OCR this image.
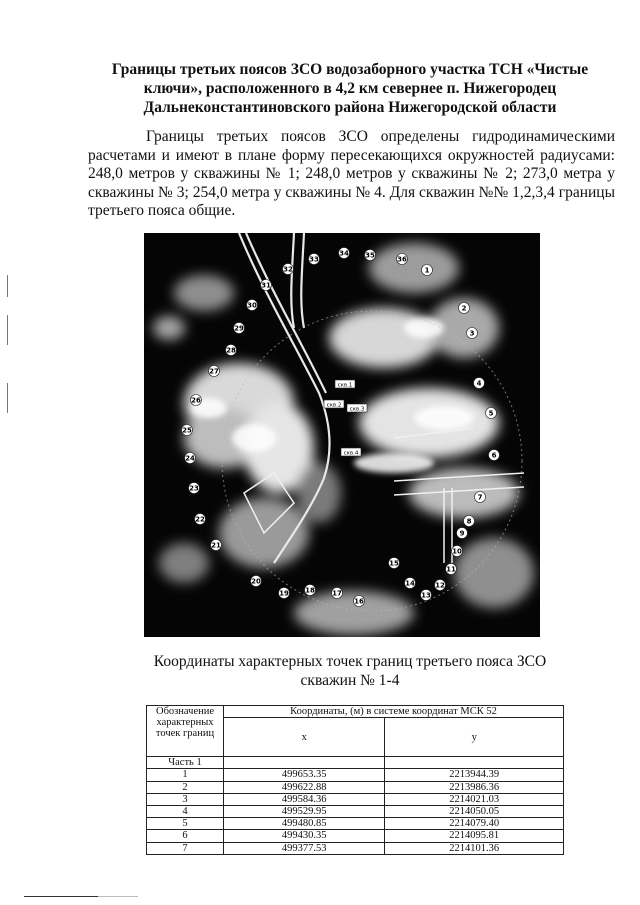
Границы третьих поясов ЗСО водозаборного участка ТСН «Чистые
ключи», расположенного в 4,2 км севернее п. Нижегородец
Дальнеконстантиновского района Нижегородской области
Границы третьих поясов ЗСО определены гидродинамическими
расчетами и имеют в плане форму пересекающихся окружностей радиусами:
248,0 метров у скважины № 1; 248,0 метров у скважины № 2; 273,0 метра у
скважины № 3; 254,0 метра у скважины № 4. Для скважин №№ 1,2,3,4 границы
третьего пояса общие.
1
2
3
4
5
6
7
8
9
10
11
12
13
14
15
16
17
18
19
20
21
22
23
24
25
26
27
28
29
30
31
32
33
34 35	36
скв.1
скв.2
скв.3
скв.4
Координаты характерных точек границ третьего пояса ЗСО
скважин № 1-4
Обозначение характерных точек границ	Координаты, (м) в системе координат МСК 52	
	x	y

Часть 1		
1	499653.35	2213944.39
2	499622.88	2213986.36
3	499584.36	2214021.03
4	499529.95	2214050.05
5	499480.85	2214079.40
6	499430.35	2214095.81
7	499377.53	2214101.36
